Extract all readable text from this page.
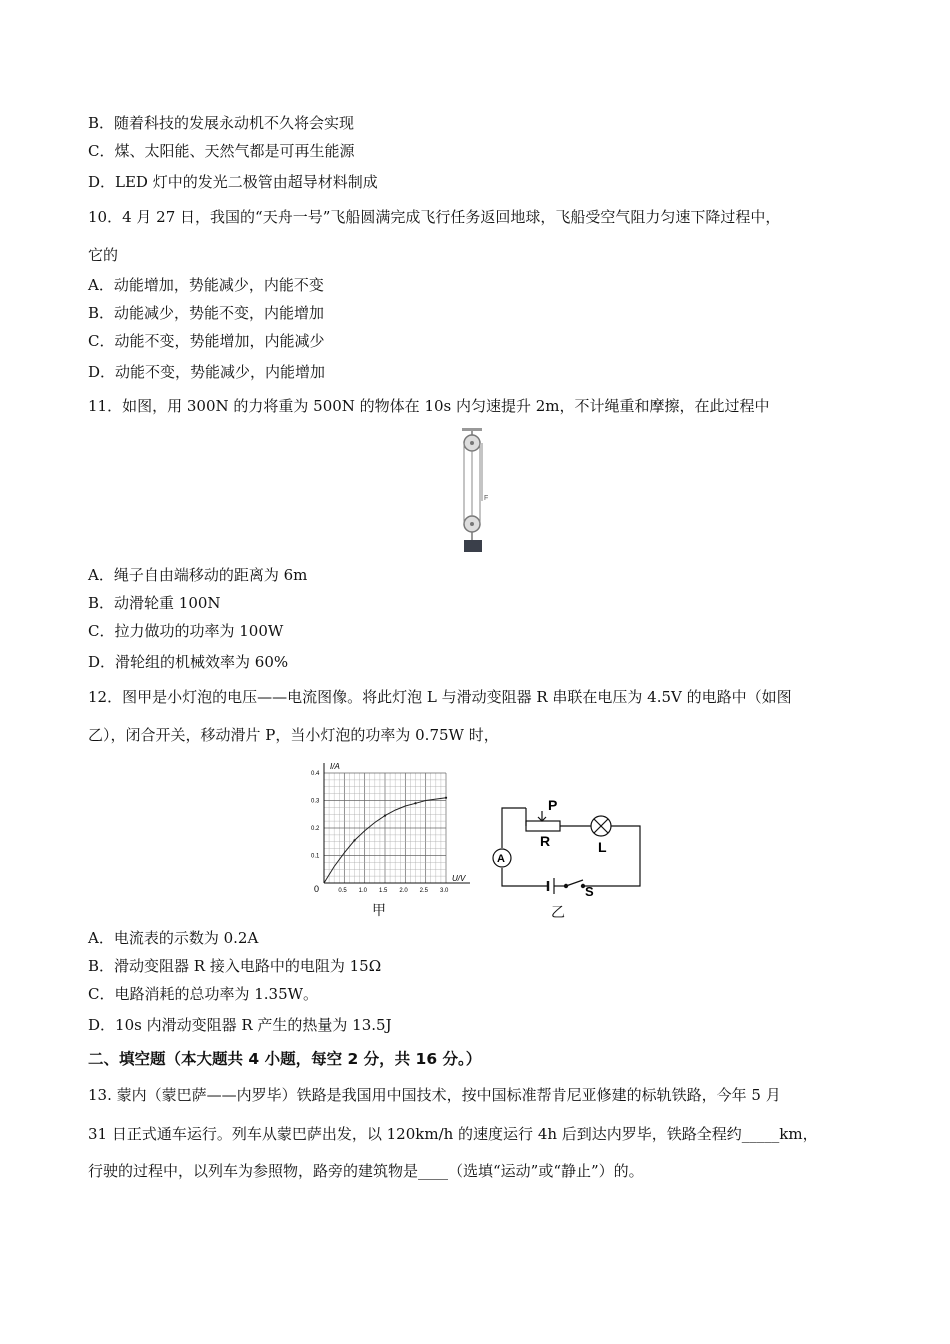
B．随着科技的发展永动机不久将会实现
C．煤、太阳能、天然气都是可再生能源
D．LED 灯中的发光二极管由超导材料制成
10．4 月 27 日，我国的“天舟一号”飞船圆满完成飞行任务返回地球，飞船受空气阻力匀速下降过程中，
它的
A．动能增加，势能减少，内能不变
B．动能减少，势能不变，内能增加
C．动能不变，势能增加，内能减少
D．动能不变，势能减少，内能增加
11．如图，用 300N 的力将重为 500N 的物体在 10s 内匀速提升 2m，不计绳重和摩擦，在此过程中
F
A．绳子自由端移动的距离为 6m
B．动滑轮重 100N
C．拉力做功的功率为 100W
D．滑轮组的机械效率为 60%
12．图甲是小灯泡的电压——电流图像。将此灯泡 L 与滑动变阻器 R 串联在电压为 4.5V 的电路中（如图
乙），闭合开关，移动滑片 P，当小灯泡的功率为 0.75W 时，
0.5 1.0 1.5 2.0 2.5 3.0
0.1
0.2
0.3
0.4
I/A
U/V
0
甲
A
P
R	L
S
乙
A．电流表的示数为 0.2A
B．滑动变阻器 R 接入电路中的电阻为 15Ω
C．电路消耗的总功率为 1.35W。
D．10s 内滑动变阻器 R 产生的热量为 13.5J
二、填空题（本大题共 4 小题，每空 2 分，共 16 分。）
13. 蒙内（蒙巴萨——内罗毕）铁路是我国用中国技术，按中国标准帮肯尼亚修建的标轨铁路，今年 5 月
31 日正式通车运行。列车从蒙巴萨出发，以 120km/h 的速度运行 4h 后到达内罗毕，铁路全程约_____km，
行驶的过程中，以列车为参照物，路旁的建筑物是____（选填“运动”或“静止”）的。
